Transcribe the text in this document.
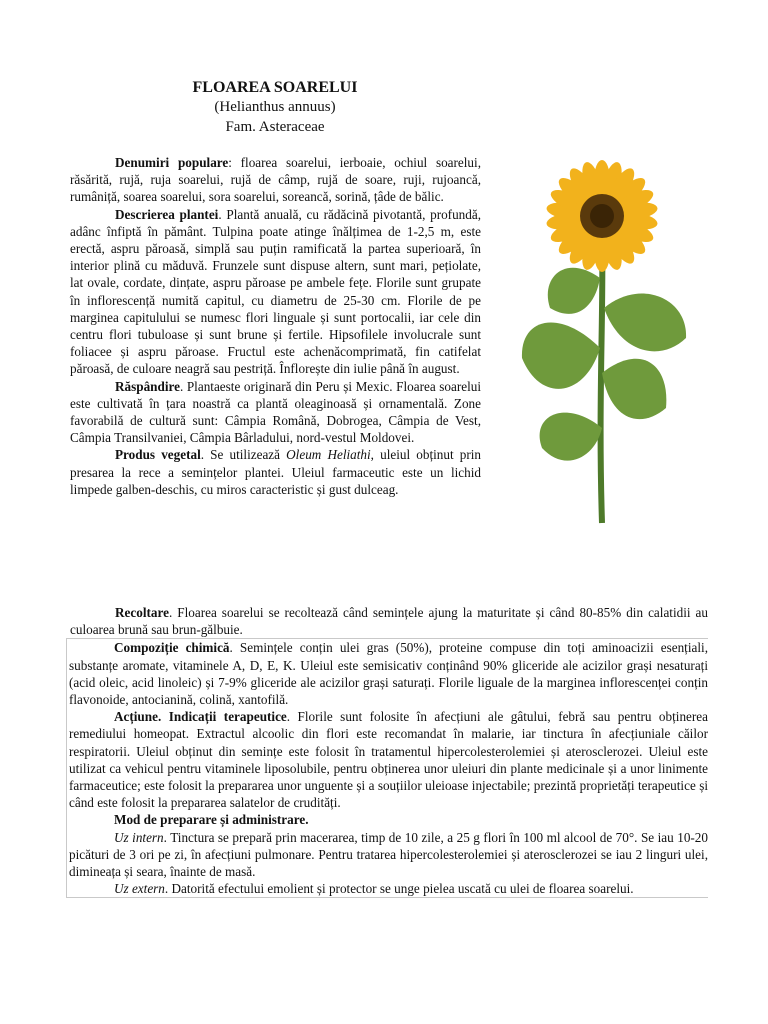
FLOAREA SOARELUI
(Helianthus annuus)
Fam. Asteraceae

Denumiri populare: floarea soarelui, ierboaie, ochiul soarelui, răsărită, rujă, ruja soarelui, rujă de câmp, rujă de soare, ruji, rujoancă, rumâniță, soarea soarelui, sora soarelui, soreancă, sorină, țâde de bălic.

Descrierea plantei. Plantă anuală, cu rădăcină pivotantă, profundă, adânc înfiptă în pământ. Tulpina poate atinge înălțimea de 1-2,5 m, este erectă, aspru păroasă, simplă sau puțin ramificată la partea superioară, în interior plină cu măduvă. Frunzele sunt dispuse altern, sunt mari, pețiolate, lat ovale, cordate, dințate, aspru păroase pe ambele fețe. Florile sunt grupate în inflorescență numită capitul, cu diametru de 25-30 cm. Florile de pe marginea capitulului se numesc flori linguale și sunt portocalii, iar cele din centru flori tubuloase și sunt brune și fertile. Hipsofilele involucrale sunt foliacee și aspru păroase. Fructul este achenăcomprimată, fin catifelat păroasă, de culoare neagră sau pestriță. Înflorește din iulie până în august.

Răspândire. Plantaeste originară din Peru și Mexic. Floarea soarelui este cultivată în țara noastră ca plantă oleaginoasă și ornamentală. Zone favorabilă de cultură sunt: Câmpia Română, Dobrogea, Câmpia de Vest, Câmpia Transilvaniei, Câmpia Bârladului, nord-vestul Moldovei.

Produs vegetal. Se utilizează Oleum Heliathi, uleiul obținut prin presarea la rece a semințelor plantei. Uleiul farmaceutic este un lichid limpede galben-deschis, cu miros caracteristic și gust dulceag.

Recoltare. Floarea soarelui se recoltează când semințele ajung la maturitate și când 80-85% din calatidii au culoarea brună sau brun-gălbuie.

Compoziție chimică. Semințele conțin ulei gras (50%), proteine compuse din toți aminoacizii esențiali, substanțe aromate, vitaminele A, D, E, K. Uleiul este semisicativ conținând 90% gliceride ale acizilor grași nesaturați (acid oleic, acid linoleic) și 7-9% gliceride ale acizilor grași saturați. Florile liguale de la marginea inflorescenței conțin flavonoide, antocianină, colină, xantofilă.

Acțiune. Indicații terapeutice. Florile sunt folosite în afecțiuni ale gâtului, febră sau pentru obținerea remediului homeopat. Extractul alcoolic din flori este recomandat în malarie, iar tinctura în afecțiuniale căilor respiratorii. Uleiul obținut din semințe este folosit în tratamentul hipercolesterolemiei și aterosclerozei. Uleiul este utilizat ca vehicul pentru vitaminele liposolubile, pentru obținerea unor uleiuri din plante medicinale și a unor linimente farmaceutice; este folosit la prepararea unor unguente și a souțiilor uleioase injectabile; prezintă proprietăți terapeutice și când este folosit la prepararea salatelor de crudități.

Mod de preparare și administrare.

Uz intern. Tinctura se prepară prin macerarea, timp de 10 zile, a 25 g flori în 100 ml alcool de 70°. Se iau 10-20 picături de 3 ori pe zi, în afecțiuni pulmonare. Pentru tratarea hipercolesterolemiei și aterosclerozei se iau 2 linguri ulei, dimineața și seara, înainte de masă.

Uz extern. Datorită efectului emolient și protector se unge pielea uscată cu ulei de floarea soarelui.
